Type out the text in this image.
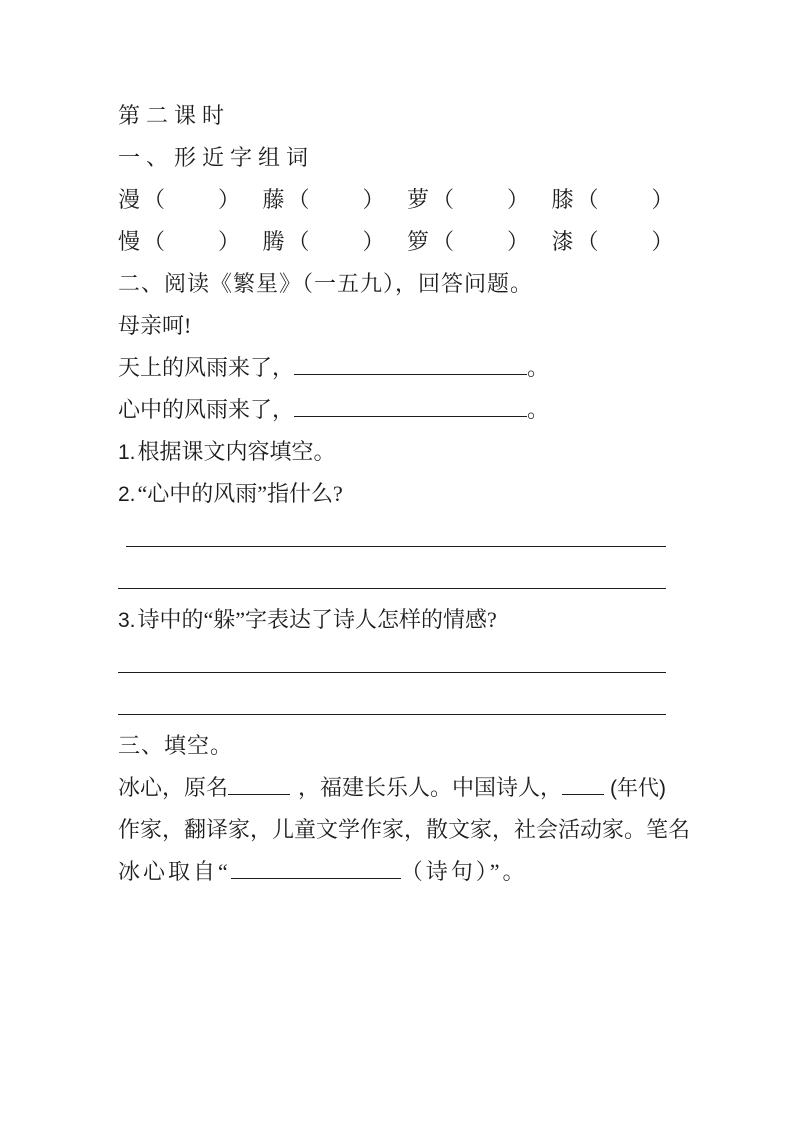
第二课时

一、形近字组词

漫（　　） 藤（　　） 萝（　　） 膝（　　）

慢（　　） 腾（　　） 箩（　　） 漆（　　）

二、阅读《繁星》（一五九），回答问题。

母亲呵!

天上的风雨来了，	。

心中的风雨来了，	。

1.根据课文内容填空。

2.“心中的风雨”指什么?

3.诗中的“躲”字表达了诗人怎样的情感?

三、填空。

冰心，原名	，福建长乐人。中国诗人， (年代)

作家，翻译家，儿童文学作家，散文家，社会活动家。笔名

冰心取自“	（诗句）”。
